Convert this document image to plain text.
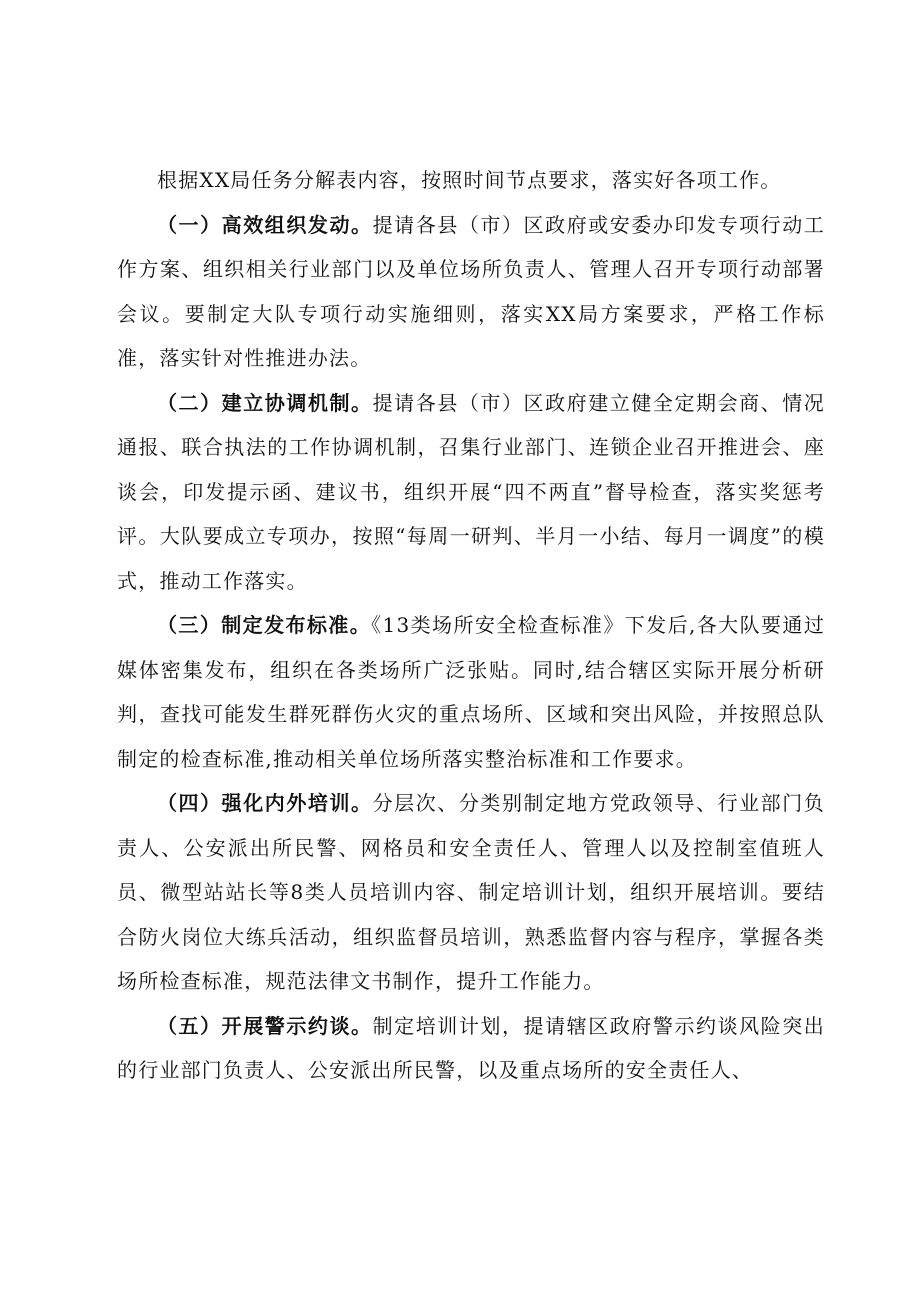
根据XX局任务分解表内容，按照时间节点要求，落实好各项工作。

（一）高效组织发动。提请各县（市）区政府或安委办印发专项行动工作方案、组织相关行业部门以及单位场所负责人、管理人召开专项行动部署会议。要制定大队专项行动实施细则，落实XX局方案要求，严格工作标准，落实针对性推进办法。

（二）建立协调机制。提请各县（市）区政府建立健全定期会商、情况通报、联合执法的工作协调机制，召集行业部门、连锁企业召开推进会、座谈会，印发提示函、建议书，组织开展“四不两直”督导检查，落实奖惩考评。大队要成立专项办，按照“每周一研判、半月一小结、每月一调度”的模式，推动工作落实。

（三）制定发布标准。《13类场所安全检查标准》下发后,各大队要通过媒体密集发布，组织在各类场所广泛张贴。同时,结合辖区实际开展分析研判，查找可能发生群死群伤火灾的重点场所、区域和突出风险，并按照总队制定的检查标准,推动相关单位场所落实整治标准和工作要求。

（四）强化内外培训。分层次、分类别制定地方党政领导、行业部门负责人、公安派出所民警、网格员和安全责任人、管理人以及控制室值班人员、微型站站长等8类人员培训内容、制定培训计划，组织开展培训。要结合防火岗位大练兵活动，组织监督员培训，熟悉监督内容与程序，掌握各类场所检查标准，规范法律文书制作，提升工作能力。

（五）开展警示约谈。制定培训计划，提请辖区政府警示约谈风险突出的行业部门负责人、公安派出所民警，以及重点场所的安全责任人、
